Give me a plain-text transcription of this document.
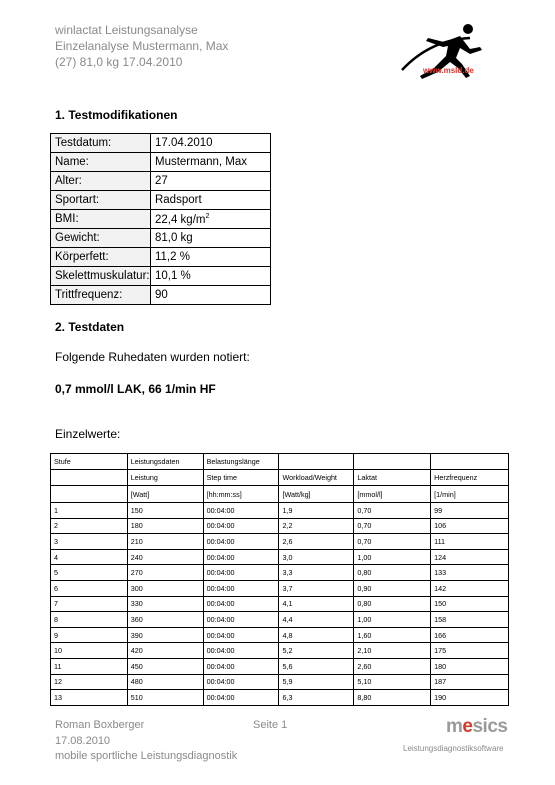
winlactat Leistungsanalyse
Einzelanalyse Mustermann, Max
(27) 81,0 kg 17.04.2010
www.msld.de
1. Testmodifikationen
Testdatum:	17.04.2010
Name:	Mustermann, Max
Alter:	27
Sportart:	Radsport
BMI:	22,4 $kg/m^2$
Gewicht:	81,0 kg
Körperfett:	11,2 %
Skelettmuskulatur:	10,1 %
Trittfrequenz:	90
2. Testdaten
Folgende Ruhedaten wurden notiert:
0,7 mmol/l LAK, 66 1/min HF
Einzelwerte:
Stufe	Leistungsdaten	Belastungslänge			
	Leistung	Step time	Workload/Weight	Laktat	Herzfrequenz
	[Watt]	[hh:mm:ss]	[Watt/kg]	[mmol/l]	[1/min]
1	150	00:04:00	1,9	0,70	99
2	180	00:04:00	2,2	0,70	106
3	210	00:04:00	2,6	0,70	111
4	240	00:04:00	3,0	1,00	124
5	270	00:04:00	3,3	0,80	133
6	300	00:04:00	3,7	0,90	142
7	330	00:04:00	4,1	0,80	150
8	360	00:04:00	4,4	1,00	158
9	390	00:04:00	4,8	1,60	166
10	420	00:04:00	5,2	2,10	175
11	450	00:04:00	5,6	2,60	180
12	480	00:04:00	5,9	5,10	187
13	510	00:04:00	6,3	8,80	190
Roman Boxberger	Seite 1
17.08.2010
mobile sportliche Leistungsdiagnostik
mesics
Leistungsdiagnostiksoftware
